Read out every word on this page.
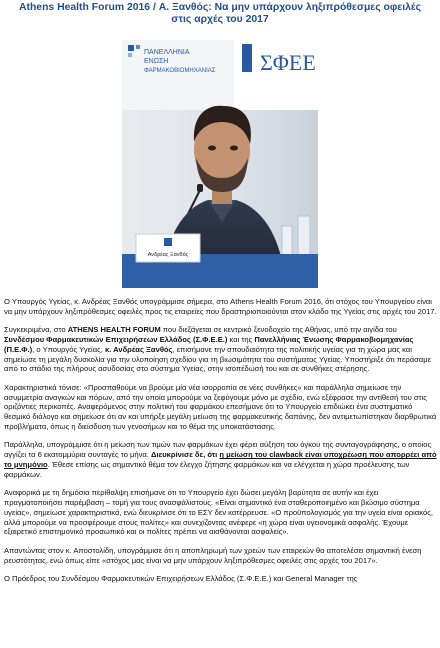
Athens Health Forum 2016 / Α. Ξανθός: Να μην υπάρχουν ληξιπρόθεσμες οφειλές
στις αρχές του 2017
ΠΑΝΕΛΛΗΝΙΑ
ΕΝΩΣΗ
ΦΑΡΜΑΚΟΒΙΟΜΗΧΑΝΙΑΣ ΣΦΕΕ
Ανδρέας Ξανθός

Ο Υπουργός Υγείας, κ. Ανδρέας Ξανθός υπογράμμισε σήμερα, στο Athens Health Forum 2016, ότι στόχος του Υπουργείου είναι να μην υπάρχουν ληξιπρόθεσμες οφειλές προς τις εταιρείες που δραστηριοποιούνται στον κλάδο της Υγείας στις αρχές του 2017.

Συγκεκριμένα, στο ATHENS HEALTH FORUM που διεξάγεται σε κεντρικό ξενοδοχείο της Αθήνας, υπό την αιγίδα του Συνδέσμου Φαρμακευτικών Επιχειρήσεων Ελλάδος (Σ.Φ.Ε.Ε.) και της Πανελλήνιας Ένωσης Φαρμακοβιομηχανίας (Π.Ε.Φ.), ο Υπουργός Υγείας, κ. Ανδρέας Ξανθός, επισήμανε την σπουδαιότητα της πολιτικής υγείας για τη χώρα μας και σημείωσε τη μεγάλη δυσκολία για την υλοποίηση σχεδίου για τη βιωσιμότητα του συστήματος Υγείας. Υποστήριξε ότι περάσαμε από το στάδιο της πλήρους ασυδοσίας στο σύστημα Υγείας, στην ισοπέδωσή του και σε συνθήκες στέρησης.

Χαρακτηριστικά τόνισε: «Προσπαθούμε να βρούμε μία νέα ισορροπία σε νέες συνθήκες» και παράλληλα σημείωσε την ασυμμετρία αναγκών και πόρων, από την οποία μπορούμε να ξεφύγουμε μόνο με σχέδιο, ενώ εξέφρασε την αντίθεσή του στις οριζόντιες περικοπές. Αναφερόμενος στην πολιτική του φαρμάκου επεσήμανε ότι το Υπουργείο επιδιώκει ένα συστηματικό θεσμικό διάλογο και σημείωσε ότι αν και υπήρξε μεγάλη μείωση της φαρμακευτικής δαπάνης, δεν αντιμετωπίστηκαν διαρθρωτικά προβλήματα, όπως η διείσδυση των γενοσήμων και το θέμα της υποκατάστασης.

Παράλληλα, υπογράμμισε ότι η μείωση των τιμών των φαρμάκων έχει φέρει αύξηση του όγκου της συνταγογράφησης, ο οποίος αγγίζει τα 6 εκατομμύρια συνταγές το μήνα. Διευκρίνισε δε, ότι η μείωση του clawback είναι υποχρέωση που απορρέει από το μνημόνιο. Έθεσε επίσης ως σημαντικό θέμα τον έλεγχο ζήτησης φαρμάκων και να ελέγχεται η χώρα προέλευσης των φαρμάκων.

Αναφορικά με τη δημόσια περίθαλψη επισήμανε ότι το Υπουργείο έχει δώσει μεγάλη βαρύτητα σε αυτήν και έχει πραγματοποιήσει παρέμβαση – τομή για τους ανασφάλιστους. «Είναι σημαντικό ένα σταθεροποιημένο και βιώσιμο σύστημα υγείας», σημείωσε χαρακτηριστικά, ενώ διευκρίνισε ότι το ΕΣΥ δεν κατέρρευσε. «Ο προϋπολογισμός για την υγεία είναι οριακός, αλλά μπορούμε να προσφέρουμε στους πολίτες» και συνεχίζοντας ανέφερε «η χώρα είναι υγειονομικά ασφαλής. Έχουμε εξαιρετικό επιστημονικό προσωπικό και οι πολίτες πρέπει να αισθάνονται ασφαλείς».

Απαντώντας στον κ. Αποστολίδη, υπογράμμισε ότι η αποπληρωμή των χρεών των εταιρειών θα αποτελέσει σημαντική ένεση ρευστότητας, ενώ όπως είπε «στόχος μας είναι να μην υπάρχουν ληξιπρόθεσμες οφειλές στις αρχές του 2017».

Ο Πρόεδρος του Συνδέσμου Φαρμακευτικών Επιχειρήσεων Ελλάδος (Σ.Φ.Ε.Ε.) και General Manager της
